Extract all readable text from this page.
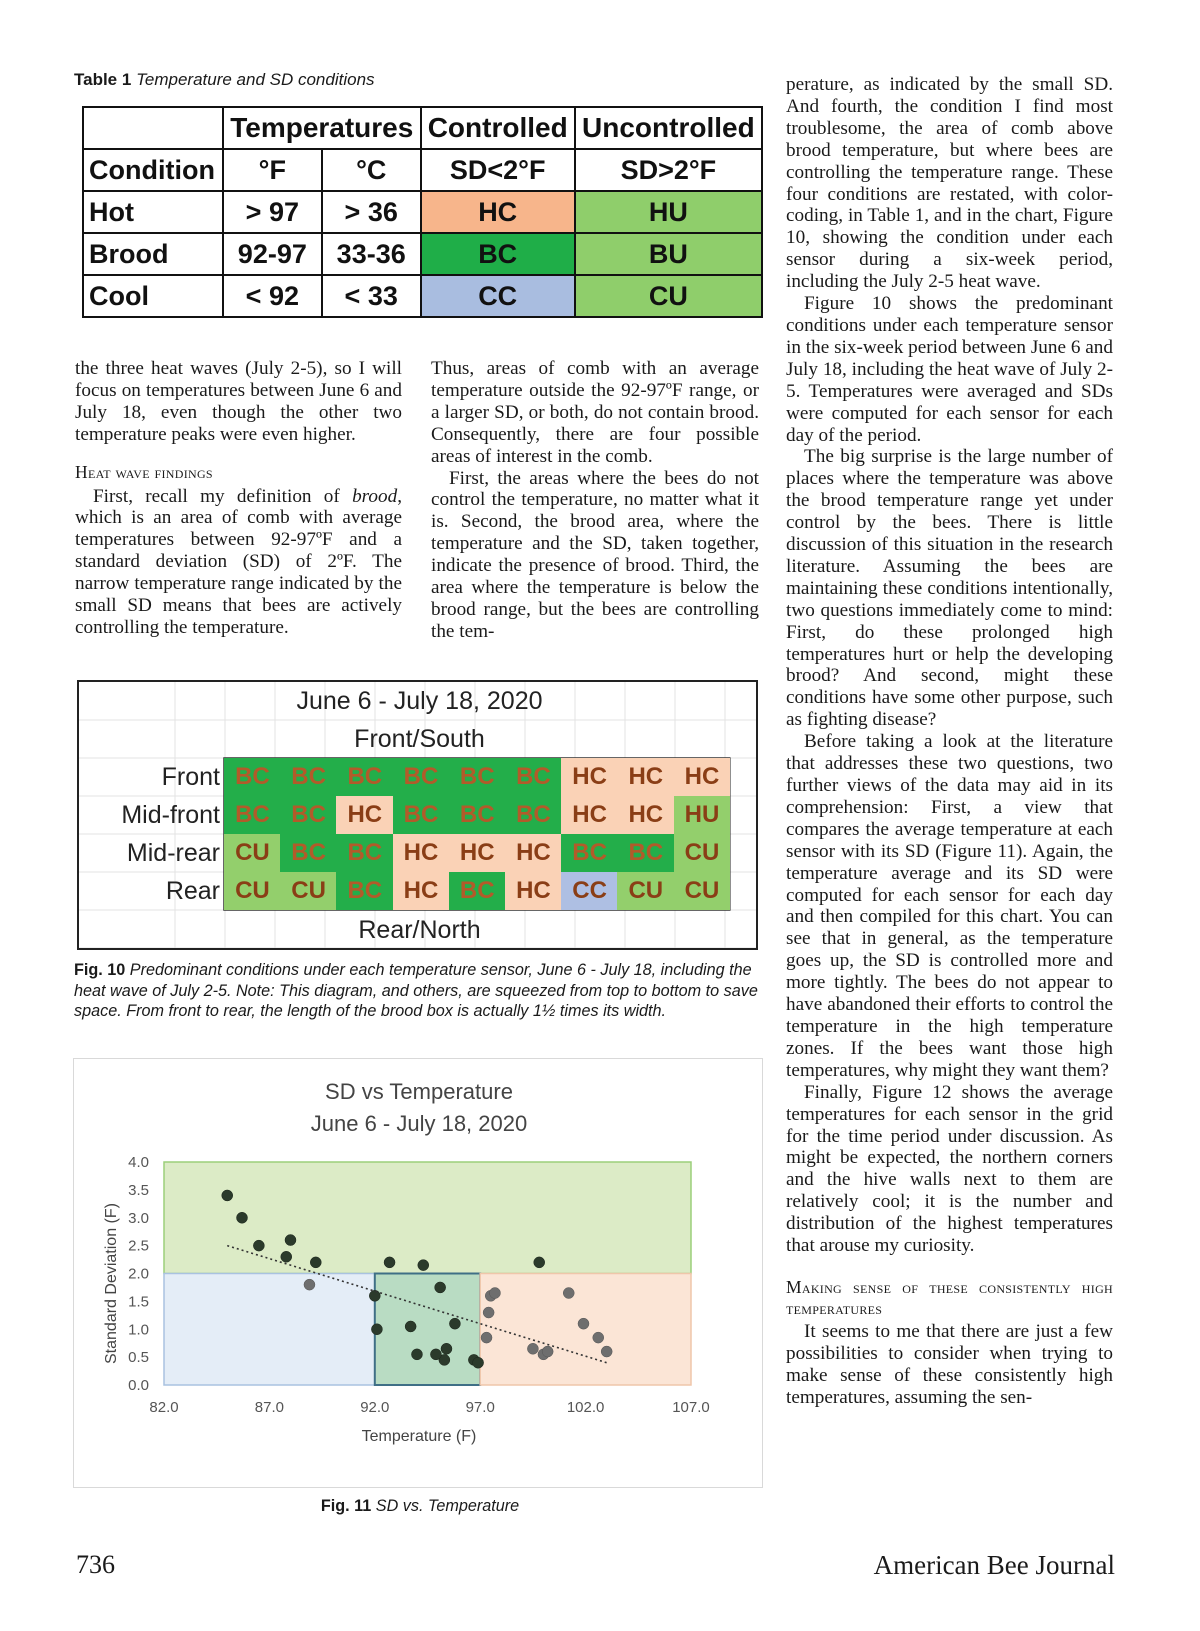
Table 1 Temperature and SD conditions
	Temperatures		Controlled	Uncontrolled
Condition	°F	°C	SD<2°F	SD>2°F
Hot	> 97	> 36	HC	HU
Brood	92-97	33-36	BC	BU
Cool	< 92	< 33	CC	CU

the three heat waves (July 2-5), so I will focus on temperatures between June 6 and July 18, even though the other two temperature peaks were even higher.

Heat wave findings

First, recall my definition of brood, which is an area of comb with average temperatures between 92-97ºF and a standard deviation (SD) of 2ºF. The narrow temperature range indicated by the small SD means that bees are actively controlling the temperature.

Thus, areas of comb with an average temperature outside the 92-97ºF range, or a larger SD, or both, do not contain brood. Consequently, there are four possible areas of interest in the comb.

First, the areas where the bees do not control the temperature, no matter what it is. Second, the brood area, where the temperature and the SD, taken together, indicate the presence of brood. Third, the area where the temperature is below the brood range, but the bees are controlling the tem-

perature, as indicated by the small SD. And fourth, the condition I find most troublesome, the area of comb above brood temperature, but where bees are controlling the temperature range. These four conditions are restated, with color-coding, in Table 1, and in the chart, Figure 10, showing the condition under each sensor during a six-week period, including the July 2-5 heat wave.

Figure 10 shows the predominant conditions under each temperature sensor in the six-week period between June 6 and July 18, including the heat wave of July 2-5. Temperatures were averaged and SDs were computed for each sensor for each day of the period.

The big surprise is the large number of places where the temperature was above the brood temperature range yet under control by the bees. There is little discussion of this situation in the research literature. Assuming the bees are maintaining these conditions intentionally, two questions immediately come to mind: First, do these prolonged high temperatures hurt or help the developing brood? And second, might these conditions have some other purpose, such as fighting disease?

Before taking a look at the literature that addresses these two questions, two further views of the data may aid in its comprehension: First, a view that compares the average temperature at each sensor with its SD (Figure 11). Again, the temperature average and its SD were computed for each sensor for each day and then compiled for this chart. You can see that in general, as the temperature goes up, the SD is controlled more and more tightly. The bees do not appear to have abandoned their efforts to control the temperature in the high temperature zones. If the bees want those high temperatures, why might they want them?

Finally, Figure 12 shows the average temperatures for each sensor in the grid for the time period under discussion. As might be expected, the northern corners and the hive walls next to them are relatively cool; it is the number and distribution of the highest temperatures that arouse my curiosity.

Making sense of these consistently high temperatures

It seems to me that there are just a few possibilities to consider when trying to make sense of these consistently high temperatures, assuming the sen-

June 6 - July 18, 2020
Front/South
Rear/North
Front BC BC BC BC BC BC HC HC HC
Mid-front BC BC HC BC BC BC HC HC HU
Mid-rear CU BC BC HC HC HC BC BC CU
Rear CU CU BC HC BC HC CC CU CU
Fig. 10 Predominant conditions under each temperature sensor, June 6 - July 18, including the heat wave of July 2-5. Note: This diagram, and others, are squeezed from top to bottom to save space. From front to rear, the length of the brood box is actually 1½ times its width.
SD vs Temperature
June 6 - July 18, 2020
0.0
0.5
1.0
1.5
2.0
2.5
3.0
3.5
4.0
82.0	87.0	92.0	97.0	102.0	107.0
Temperature (F)
Standard Deviation (F)
Fig. 11 SD vs. Temperature
736	American Bee Journal
